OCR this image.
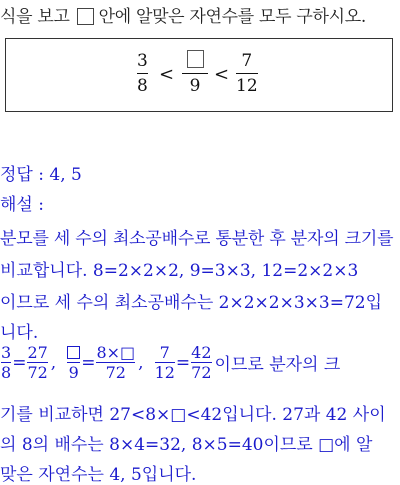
식을 보고 안에 알맞은 자연수를 모두 구하시오.
3
8
<
9
<
7
12
정답 : 4, 5
해설 :
분모를 세 수의 최소공배수로 통분한 후 분자의 크기를
비교합니다. 8=2×2×2, 9=3×3, 12=2×2×3
이므로 세 수의 최소공배수는 2×2×2×3×3=72입
니다.
$\frac{3}{8} = \frac{27}{72}$ , $9 = \frac{8\times□}{72}$ , $\frac{7}{12} = \frac{42}{72}$ 이므로 분자의 크
기를 비교하면 27<8×□<42입니다. 27과 42 사이
의 8의 배수는 8×4=32, 8×5=40이므로 □에 알
맞은 자연수는 4, 5입니다.
